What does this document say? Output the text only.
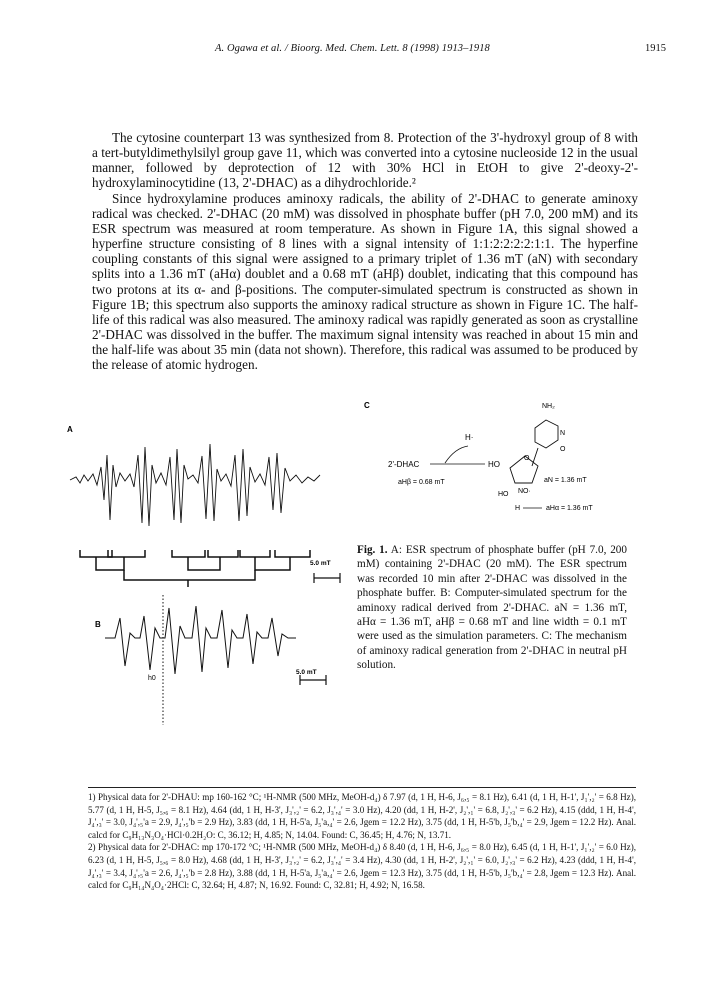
A. Ogawa et al. / Bioorg. Med. Chem. Lett. 8 (1998) 1913–1918	1915
The cytosine counterpart 13 was synthesized from 8. Protection of the 3'-hydroxyl group of 8 with a tert-butyldimethylsilyl group gave 11, which was converted into a cytosine nucleoside 12 in the usual manner, followed by deprotection of 12 with 30% HCl in EtOH to give 2'-deoxy-2'-hydroxylaminocytidine (13, 2'-DHAC) as a dihydrochloride.²
Since hydroxylamine produces aminoxy radicals, the ability of 2'-DHAC to generate aminoxy radical was checked. 2'-DHAC (20 mM) was dissolved in phosphate buffer (pH 7.0, 200 mM) and its ESR spectrum was measured at room temperature. As shown in Figure 1A, this signal showed a hyperfine structure consisting of 8 lines with a signal intensity of 1:1:2:2:2:2:1:1. The hyperfine coupling constants of this signal were assigned to a primary triplet of 1.36 mT (aN) with secondary splits into a 1.36 mT (aHα) doublet and a 0.68 mT (aHβ) doublet, indicating that this compound has two protons at its α- and β-positions. The computer-simulated spectrum is constructed as shown in Figure 1B; this spectrum also supports the aminoxy radical structure as shown in Figure 1C. The half-life of this radical was also measured. The aminoxy radical was rapidly generated as soon as crystalline 2'-DHAC was dissolved in the buffer. The maximum signal intensity was reached in about 15 min and the half-life was about 35 min (data not shown). Therefore, this radical was assumed to be produced by the release of atomic hydrogen.
A
B
5.0 mT
h0
5.0 mT
C
H·
2'-DHAC
aHβ = 0.68 mT
HO
O
NH₂
N
O
aN = 1.36 mT
HO NO·
H	aHα = 1.36 mT
Fig. 1. A: ESR spectrum of phosphate buffer (pH 7.0, 200 mM) containing 2'-DHAC (20 mM). The ESR spectrum was recorded 10 min after 2'-DHAC was dissolved in the phosphate buffer. B: Computer-simulated spectrum for the aminoxy radical derived from 2'-DHAC. aN = 1.36 mT, aHα = 1.36 mT, aHβ = 0.68 mT and line width = 0.1 mT were used as the simulation parameters. C: The mechanism of aminoxy radical generation from 2'-DHAC in neutral pH solution.

1) Physical data for 2'-DHAU: mp 160-162 °C; ¹H-NMR (500 MHz, MeOH-d₄) δ 7.97 (d, 1 H, H-6, J₆,₅ = 8.1 Hz), 6.41 (d, 1 H, H-1', J₁',₂' = 6.8 Hz), 5.77 (d, 1 H, H-5, J₅,₆ = 8.1 Hz), 4.64 (dd, 1 H, H-3', J₃',₂' = 6.2, J₃',₄' = 3.0 Hz), 4.20 (dd, 1 H, H-2', J₂',₁' = 6.8, J₂',₃' = 6.2 Hz), 4.15 (ddd, 1 H, H-4', J₄',₃' = 3.0, J₄',₅'a = 2.9, J₄',₅'b = 2.9 Hz), 3.83 (dd, 1 H, H-5'a, J₅'a,₄' = 2.6, Jgem = 12.2 Hz), 3.75 (dd, 1 H, H-5'b, J₅'b,₄' = 2.9, Jgem = 12.2 Hz). Anal. calcd for C₉H₁₃N₃O₄·HCl·0.2H₂O: C, 36.12; H, 4.85; N, 14.04. Found: C, 36.45; H, 4.76; N, 13.71.

2) Physical data for 2'-DHAC: mp 170-172 °C; ¹H-NMR (500 MHz, MeOH-d₄) δ 8.40 (d, 1 H, H-6, J₆,₅ = 8.0 Hz), 6.45 (d, 1 H, H-1', J₁',₂' = 6.0 Hz), 6.23 (d, 1 H, H-5, J₅,₆ = 8.0 Hz), 4.68 (dd, 1 H, H-3', J₃',₂' = 6.2, J₃',₄' = 3.4 Hz), 4.30 (dd, 1 H, H-2', J₂',₁' = 6.0, J₂',₃' = 6.2 Hz), 4.23 (ddd, 1 H, H-4', J₄',₃' = 3.4, J₄',₅'a = 2.6, J₄',₅'b = 2.8 Hz), 3.88 (dd, 1 H, H-5'a, J₅'a,₄' = 2.6, Jgem = 12.3 Hz), 3.75 (dd, 1 H, H-5'b, J₅'b,₄' = 2.8, Jgem = 12.3 Hz). Anal. calcd for C₉H₁₄N₄O₄·2HCl: C, 32.64; H, 4.87; N, 16.92. Found: C, 32.81; H, 4.92; N, 16.58.
